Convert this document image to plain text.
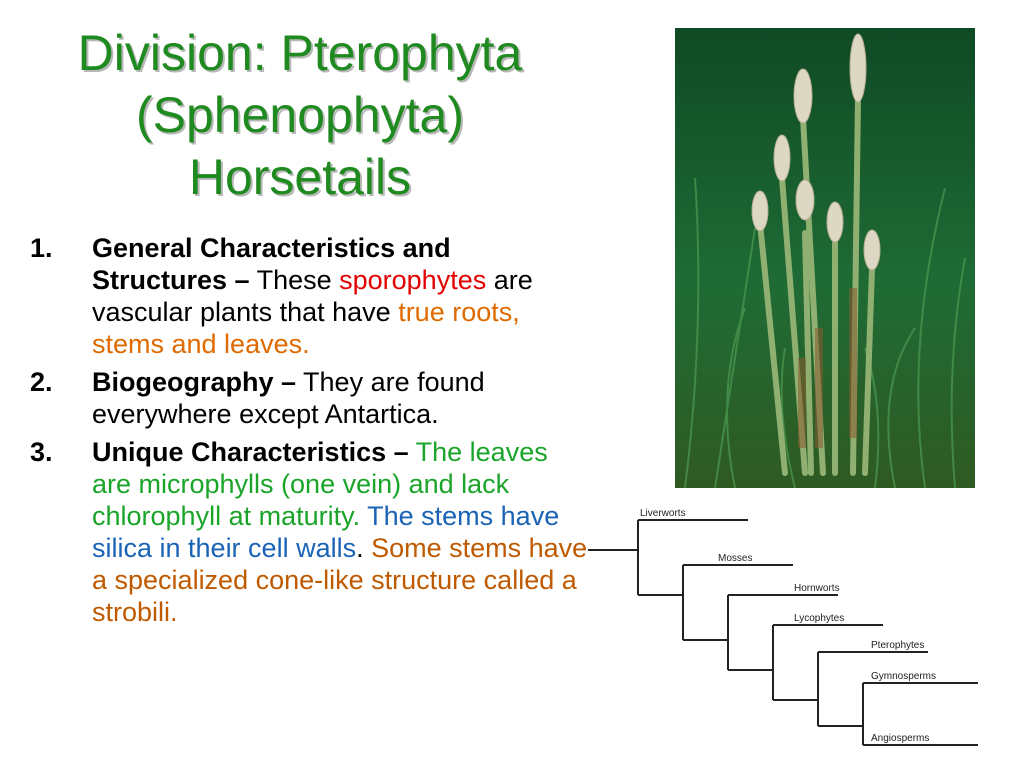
Division: Pterophyta
(Sphenophyta)
Horsetails
1. General Characteristics and Structures – These sporophytes are vascular plants that have true roots, stems and leaves.
2. Biogeography – They are found everywhere except Antartica.
3. Unique Characteristics – The leaves are microphylls (one vein) and lack chlorophyll at maturity. The stems have silica in their cell walls. Some stems have a specialized cone-like structure called a strobili.
Liverworts
Mosses
Hornworts
Lycophytes
Pterophytes
Gymnosperms
Angiosperms
